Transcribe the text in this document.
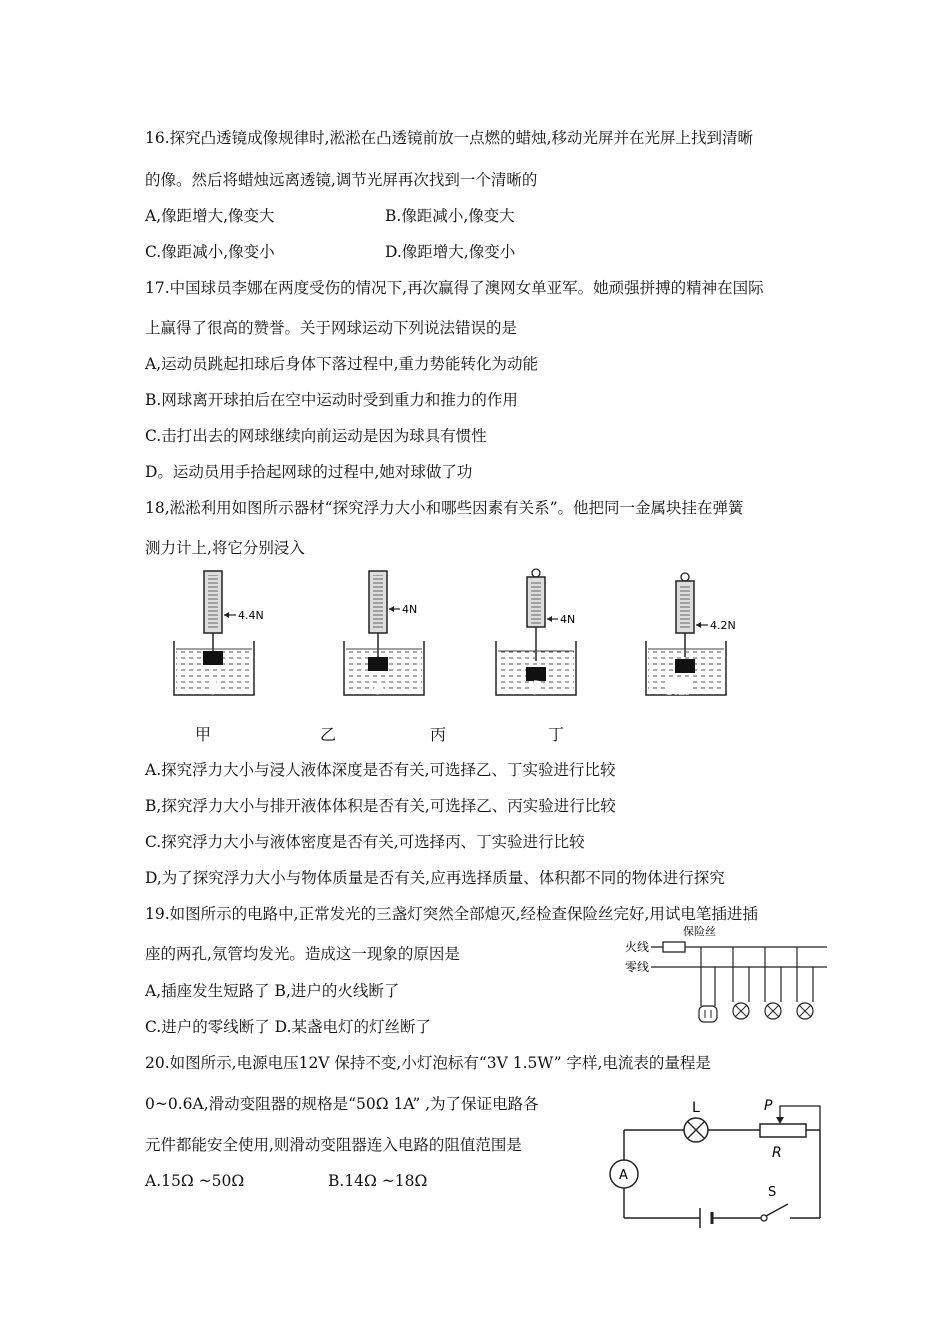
16.探究凸透镜成像规律时,淞淞在凸透镜前放一点燃的蜡烛,移动光屏并在光屏上找到清晰
的像。然后将蜡烛远离透镜,调节光屏再次找到一个清晰的
A,像距增大,像变大	B.像距减小,像变大
C.像距减小,像变小	D.像距增大,像变小
17.中国球员李娜在两度受伤的情况下,再次赢得了澳网女单亚军。她顽强拼搏的精神在国际
上赢得了很高的赞誉。关于网球运动下列说法错误的是
A,运动员跳起扣球后身体下落过程中,重力势能转化为动能
B.网球离开球拍后在空中运动时受到重力和推力的作用
C.击打出去的网球继续向前运动是因为球具有惯性
D。运动员用手拾起网球的过程中,她对球做了功
18,淞淞利用如图所示器材“探究浮力大小和哪些因素有关系”。他把同一金属块挂在弹簧
测力计上,将它分别浸入
4.4N
水
4N
水
4N
水
4.2N
酒精
甲	乙	丙	丁
A.探究浮力大小与浸人液体深度是否有关,可选择乙、丁实验进行比较
B,探究浮力大小与排开液体体积是否有关,可选择乙、丙实验进行比较
C.探究浮力大小与液体密度是否有关,可选择丙、丁实验进行比较
D,为了探究浮力大小与物体质量是否有关,应再选择质量、体积都不同的物体进行探究
19.如图所示的电路中,正常发光的三盏灯突然全部熄灭,经检查保险丝完好,用试电笔插进插
座的两孔,氖管均发光。造成这一现象的原因是
A,插座发生短路了 B,进户的火线断了
C.进户的零线断了 D.某盏电灯的灯丝断了
火线
零线
保险丝
20.如图所示,电源电压12Ⅴ 保持不变,小灯泡标有“3V 1.5W” 字样,电流表的量程是
0~0.6A,滑动变阻器的规格是“50Ω 1A” ,为了保证电路各
元件都能安全使用,则滑动变阻器连入电路的阻值范围是
A.15Ω ~50Ω	B.14Ω ~18Ω
L	P
R
A
S
